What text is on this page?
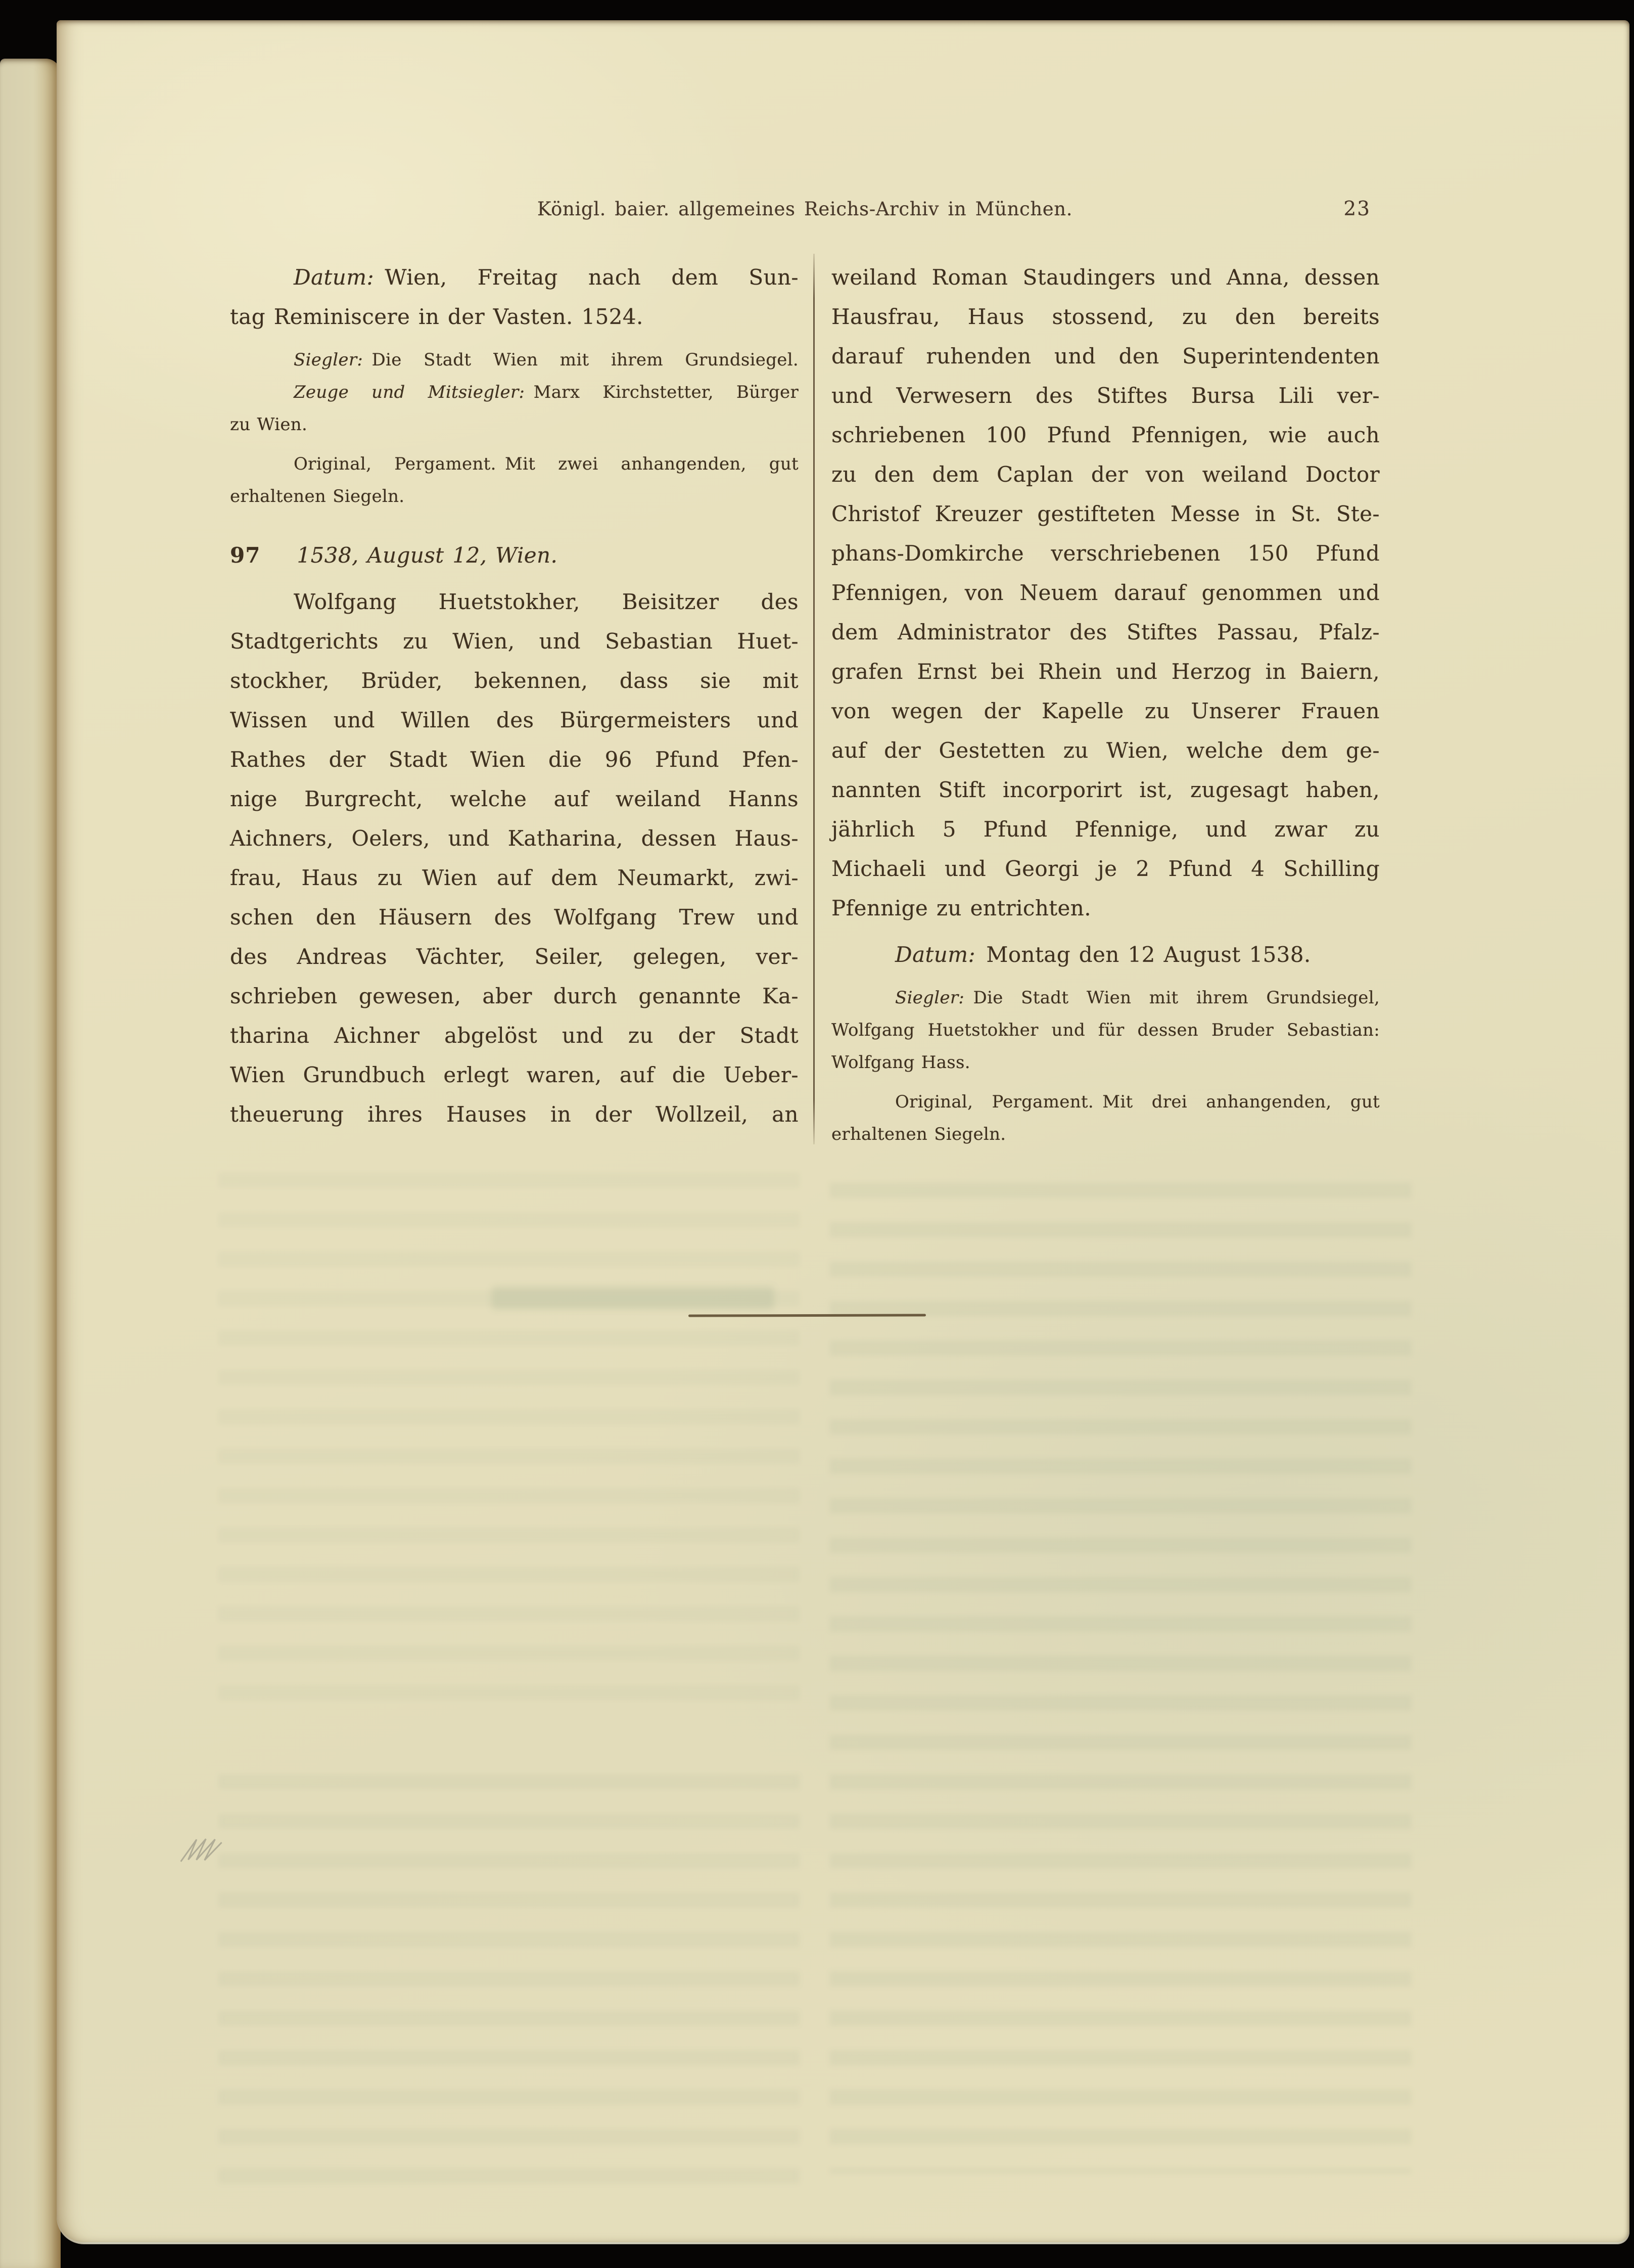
Königl. baier. allgemeines Reichs-Archiv in München.	23
Datum: Wien, Freitag nach dem Sun-
tag Reminiscere in der Vasten. 1524.
Siegler: Die Stadt Wien mit ihrem Grundsiegel.
Zeuge und Mitsiegler: Marx Kirchstetter, Bürger
zu Wien.
Original, Pergament. Mit zwei anhangenden, gut
erhaltenen Siegeln.
97 1538, August 12, Wien.
Wolfgang Huetstokher, Beisitzer des
Stadtgerichts zu Wien, und Sebastian Huet-
stockher, Brüder, bekennen, dass sie mit
Wissen und Willen des Bürgermeisters und
Rathes der Stadt Wien die 96 Pfund Pfen-
nige Burgrecht, welche auf weiland Hanns
Aichners, Oelers, und Katharina, dessen Haus-
frau, Haus zu Wien auf dem Neumarkt, zwi-
schen den Häusern des Wolfgang Trew und
des Andreas Vächter, Seiler, gelegen, ver-
schrieben gewesen, aber durch genannte Ka-
tharina Aichner abgelöst und zu der Stadt
Wien Grundbuch erlegt waren, auf die Ueber-
theuerung ihres Hauses in der Wollzeil, an
weiland Roman Staudingers und Anna, dessen
Hausfrau, Haus stossend, zu den bereits
darauf ruhenden und den Superintendenten
und Verwesern des Stiftes Bursa Lili ver-
schriebenen 100 Pfund Pfennigen, wie auch
zu den dem Caplan der von weiland Doctor
Christof Kreuzer gestifteten Messe in St. Ste-
phans-Domkirche verschriebenen 150 Pfund
Pfennigen, von Neuem darauf genommen und
dem Administrator des Stiftes Passau, Pfalz-
grafen Ernst bei Rhein und Herzog in Baiern,
von wegen der Kapelle zu Unserer Frauen
auf der Gestetten zu Wien, welche dem ge-
nannten Stift incorporirt ist, zugesagt haben,
jährlich 5 Pfund Pfennige, und zwar zu
Michaeli und Georgi je 2 Pfund 4 Schilling
Pfennige zu entrichten.
Datum: Montag den 12 August 1538.
Siegler: Die Stadt Wien mit ihrem Grundsiegel,
Wolfgang Huetstokher und für dessen Bruder Sebastian:
Wolfgang Hass.
Original, Pergament. Mit drei anhangenden, gut
erhaltenen Siegeln.
